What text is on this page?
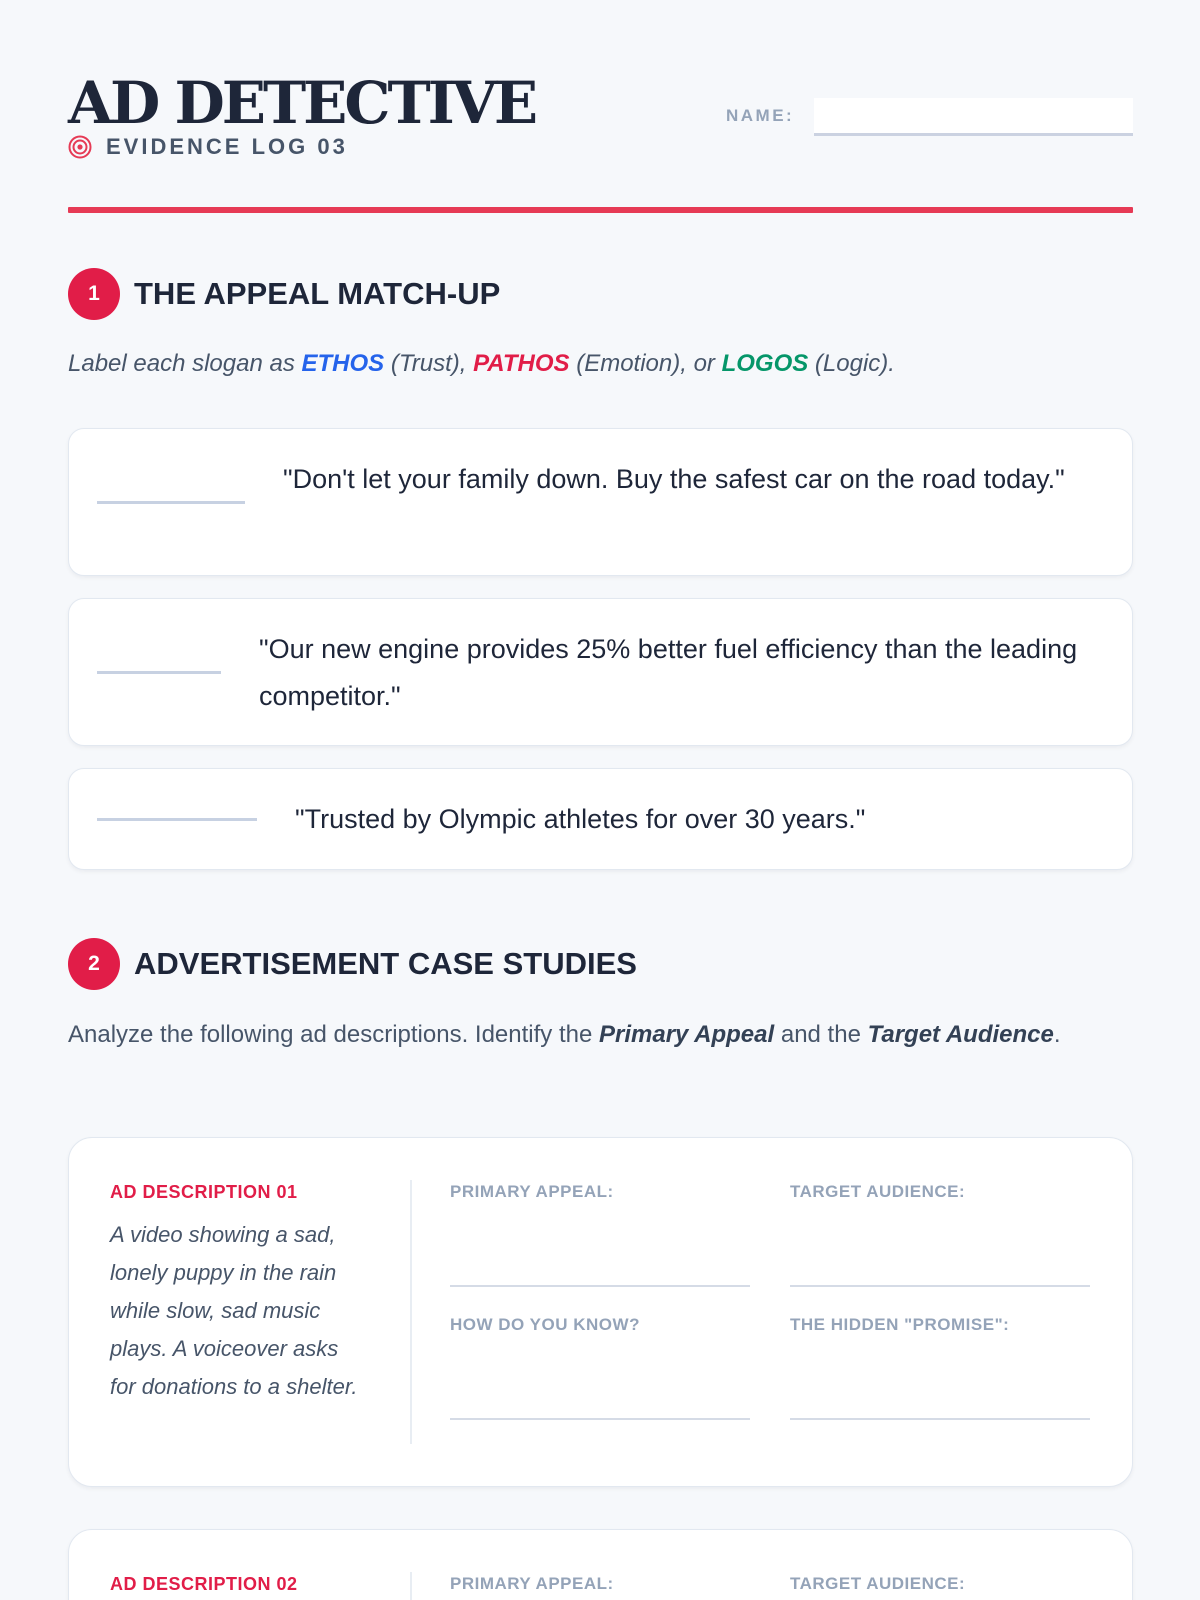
AD DETECTIVE
EVIDENCE LOG 03
NAME:
1	THE APPEAL MATCH-UP
Label each slogan as ETHOS (Trust), PATHOS (Emotion), or LOGOS (Logic).
"Don't let your family down. Buy the safest car on the road today."
"Our new engine provides 25% better fuel efficiency than the leading competitor."
"Trusted by Olympic athletes for over 30 years."
2	ADVERTISEMENT CASE STUDIES
Analyze the following ad descriptions. Identify the Primary Appeal and the Target Audience.
AD DESCRIPTION 01
A video showing a sad, lonely puppy in the rain while slow, sad music plays. A voiceover asks for donations to a shelter.
PRIMARY APPEAL:	TARGET AUDIENCE:
HOW DO YOU KNOW?	THE HIDDEN "PROMISE":
AD DESCRIPTION 02	PRIMARY APPEAL:	TARGET AUDIENCE:
